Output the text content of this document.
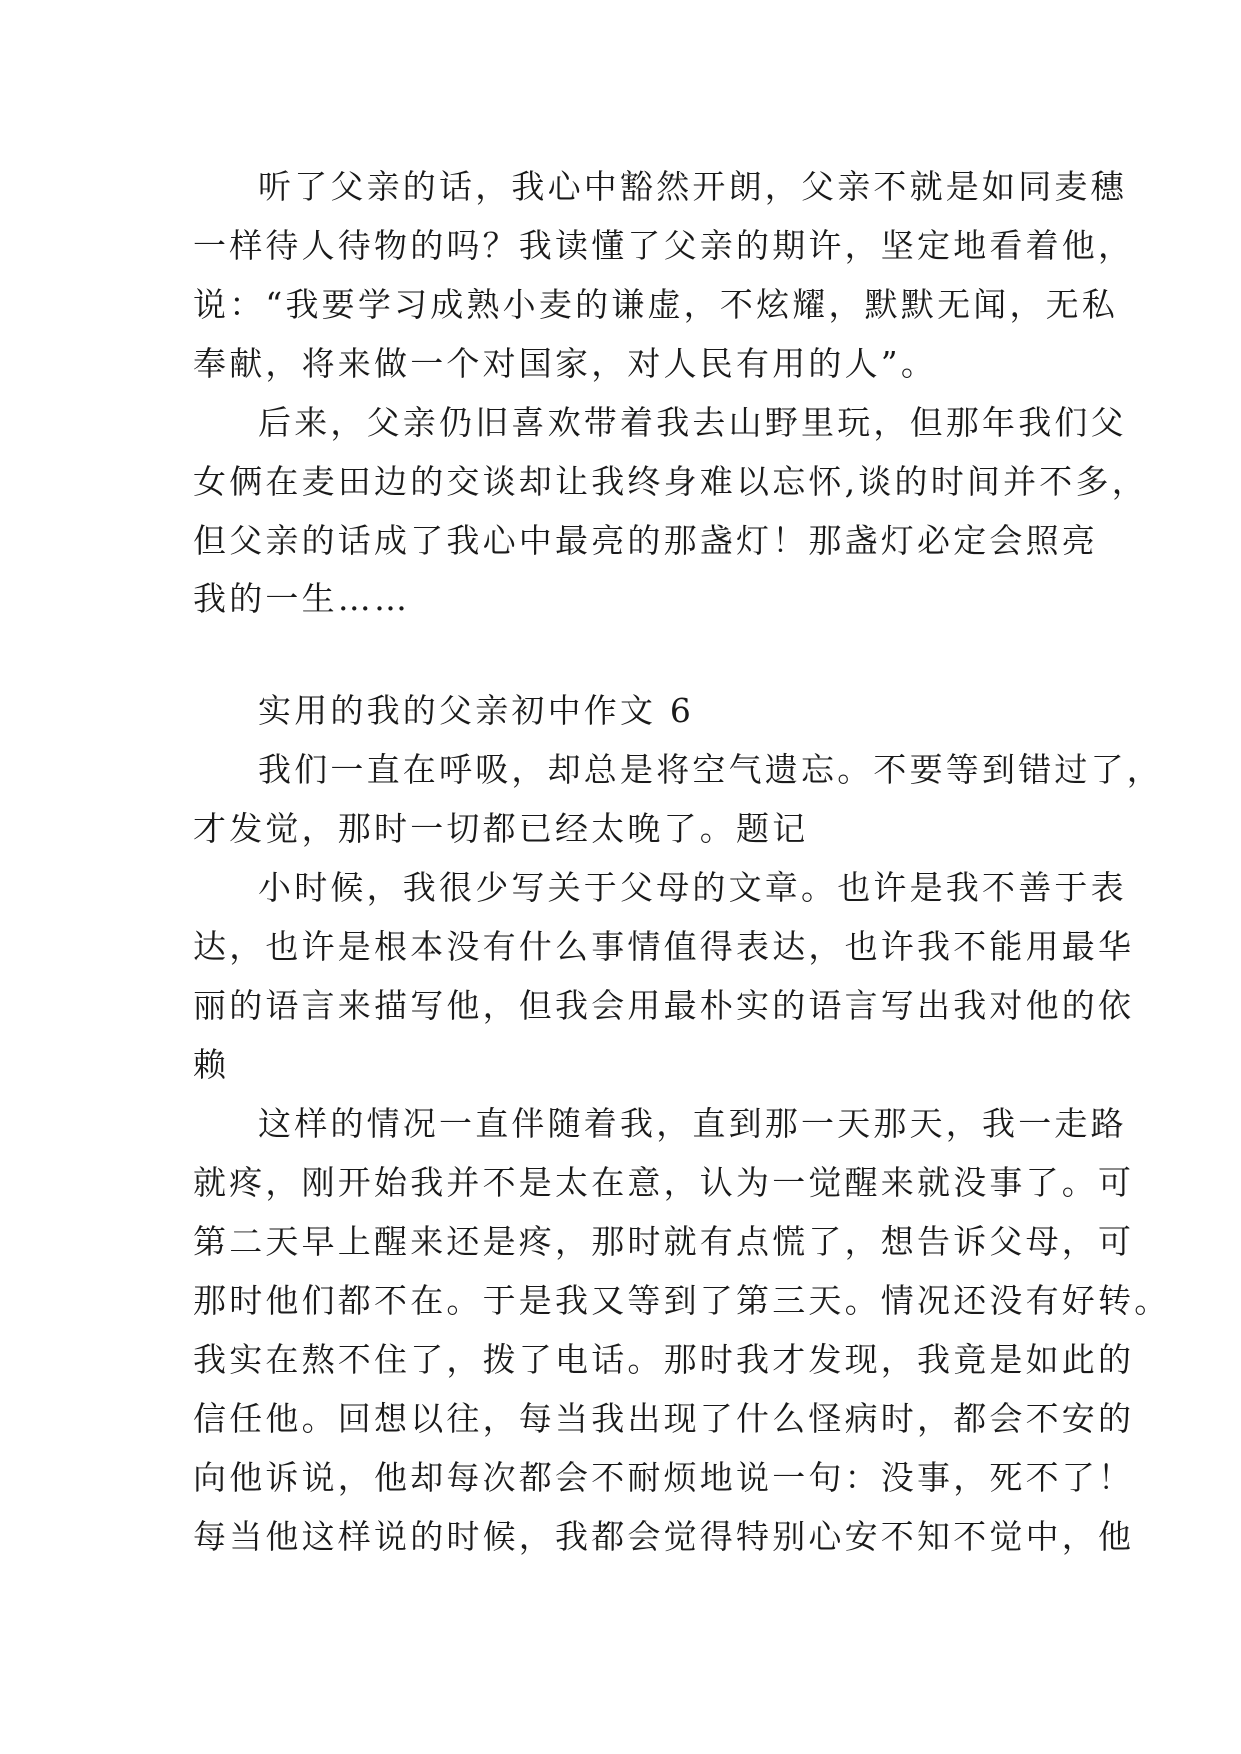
听了父亲的话，我心中豁然开朗，父亲不就是如同麦穗
一样待人待物的吗？我读懂了父亲的期许，坚定地看着他，
说：“我要学习成熟小麦的谦虚，不炫耀，默默无闻，无私
奉献，将来做一个对国家，对人民有用的人”。
后来，父亲仍旧喜欢带着我去山野里玩，但那年我们父
女俩在麦田边的交谈却让我终身难以忘怀,谈的时间并不多，
但父亲的话成了我心中最亮的那盏灯！那盏灯必定会照亮
我的一生……
实用的我的父亲初中作文 6
我们一直在呼吸，却总是将空气遗忘。不要等到错过了，
才发觉，那时一切都已经太晚了。题记
小时候，我很少写关于父母的文章。也许是我不善于表
达，也许是根本没有什么事情值得表达，也许我不能用最华
丽的语言来描写他，但我会用最朴实的语言写出我对他的依
赖
这样的情况一直伴随着我，直到那一天那天，我一走路
就疼，刚开始我并不是太在意，认为一觉醒来就没事了。可
第二天早上醒来还是疼，那时就有点慌了，想告诉父母，可
那时他们都不在。于是我又等到了第三天。情况还没有好转。
我实在熬不住了，拨了电话。那时我才发现，我竟是如此的
信任他。回想以往，每当我出现了什么怪病时，都会不安的
向他诉说，他却每次都会不耐烦地说一句：没事，死不了！
每当他这样说的时候，我都会觉得特别心安不知不觉中，他
